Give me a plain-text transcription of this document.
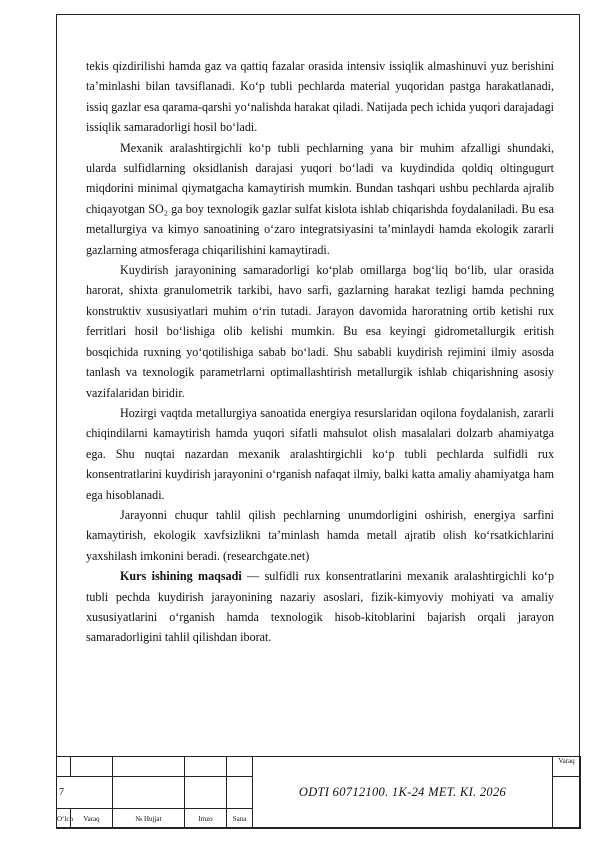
tekis qizdirilishi hamda gaz va qattiq fazalar orasida intensiv issiqlik almashinuvi yuz berishini ta’minlashi bilan tavsiflanadi. Ko‘p tubli pechlarda material yuqoridan pastga harakatlanadi, issiq gazlar esa qarama-qarshi yo‘nalishda harakat qiladi. Natijada pech ichida yuqori darajadagi issiqlik samaradorligi hosil bo‘ladi.

Mexanik aralashtirgichli ko‘p tubli pechlarning yana bir muhim afzalligi shundaki, ularda sulfidlarning oksidlanish darajasi yuqori bo‘ladi va kuydindida qoldiq oltingugurt miqdorini minimal qiymatgacha kamaytirish mumkin. Bundan tashqari ushbu pechlarda ajralib chiqayotgan SO₂ ga boy texnologik gazlar sulfat kislota ishlab chiqarishda foydalaniladi. Bu esa metallurgiya va kimyo sanoatining o‘zaro integratsiyasini ta’minlaydi hamda ekologik zararli gazlarning atmosferaga chiqarilishini kamaytiradi.

Kuydirish jarayonining samaradorligi ko‘plab omillarga bog‘liq bo‘lib, ular orasida harorat, shixta granulometrik tarkibi, havo sarfi, gazlarning harakat tezligi hamda pechning konstruktiv xususiyatlari muhim o‘rin tutadi. Jarayon davomida haroratning ortib ketishi rux ferritlari hosil bo‘lishiga olib kelishi mumkin. Bu esa keyingi gidrometallurgik eritish bosqichida ruxning yo‘qotilishiga sabab bo‘ladi. Shu sababli kuydirish rejimini ilmiy asosda tanlash va texnologik parametrlarni optimallashtirish metallurgik ishlab chiqarishning asosiy vazifalaridan biridir.

Hozirgi vaqtda metallurgiya sanoatida energiya resurslaridan oqilona foydalanish, zararli chiqindilarni kamaytirish hamda yuqori sifatli mahsulot olish masalalari dolzarb ahamiyatga ega. Shu nuqtai nazardan mexanik aralashtirgichli ko‘p tubli pechlarda sulfidli rux konsentratlarini kuydirish jarayonini o‘rganish nafaqat ilmiy, balki katta amaliy ahamiyatga ham ega hisoblanadi.

Jarayonni chuqur tahlil qilish pechlarning unumdorligini oshirish, energiya sarfini kamaytirish, ekologik xavfsizlikni ta’minlash hamda metall ajratib olish ko‘rsatkichlarini yaxshilash imkonini beradi. (researchgate.net)

Kurs ishining maqsadi — sulfidli rux konsentratlarini mexanik aralashtirgichli ko‘p tubli pechda kuydirish jarayonining nazariy asoslari, fizik-kimyoviy mohiyati va amaliy xususiyatlarini o‘rganish hamda texnologik hisob-kitoblarini bajarish orqali jarayon samaradorligini tahlil qilishdan iborat.

					ODTI 60712100. 1K-24 MET. KI. 2026	Varaq
7						
O‘lch	Varaq	№ Hujjat	Imzo	Sana		
